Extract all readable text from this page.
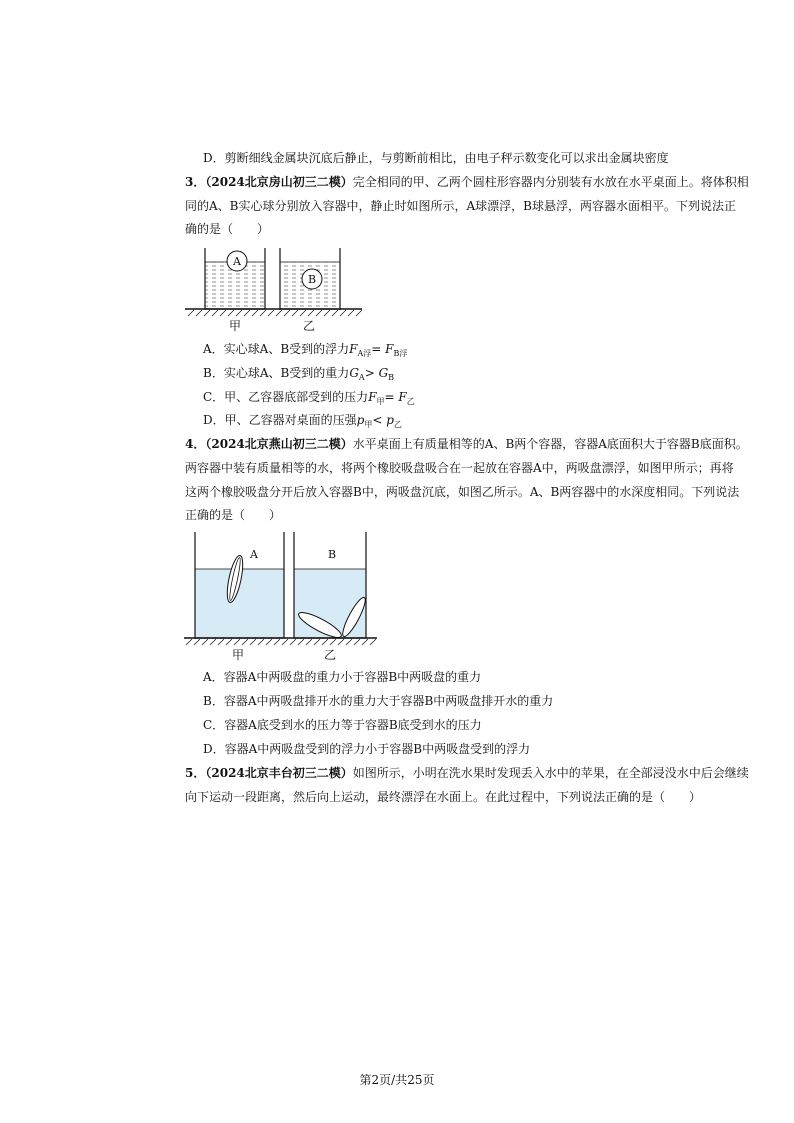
D．剪断细线金属块沉底后静止，与剪断前相比，由电子秤示数变化可以求出金属块密度
3．（2024北京房山初三二模）完全相同的甲、乙两个圆柱形容器内分别装有水放在水平桌面上。将体积相
同的A、B实心球分别放入容器中，静止时如图所示，A球漂浮，B球悬浮，两容器水面相平。下列说法正
确的是（　　）
A
B
甲	乙
A．实心球A、B受到的浮力$F_{A浮}= F_{B浮}$
B．实心球A、B受到的重力$G_A> G_B$
C．甲、乙容器底部受到的压力$F_甲= F_乙$
D．甲、乙容器对桌面的压强$p_甲< p_乙$
4．（2024北京燕山初三二模）水平桌面上有质量相等的A、B两个容器，容器A底面积大于容器B底面积。
两容器中装有质量相等的水，将两个橡胶吸盘吸合在一起放在容器A中，两吸盘漂浮，如图甲所示；再将
这两个橡胶吸盘分开后放入容器B中，两吸盘沉底，如图乙所示。A、B两容器中的水深度相同。下列说法
正确的是（　　）
A	B
甲	乙
A．容器A中两吸盘的重力小于容器B中两吸盘的重力
B．容器A中两吸盘排开水的重力大于容器B中两吸盘排开水的重力
C．容器A底受到水的压力等于容器B底受到水的压力
D．容器A中两吸盘受到的浮力小于容器B中两吸盘受到的浮力
5．（2024北京丰台初三二模）如图所示，小明在洗水果时发现丢入水中的苹果，在全部浸没水中后会继续
向下运动一段距离，然后向上运动，最终漂浮在水面上。在此过程中，下列说法正确的是（　　）
第2页/共25页
